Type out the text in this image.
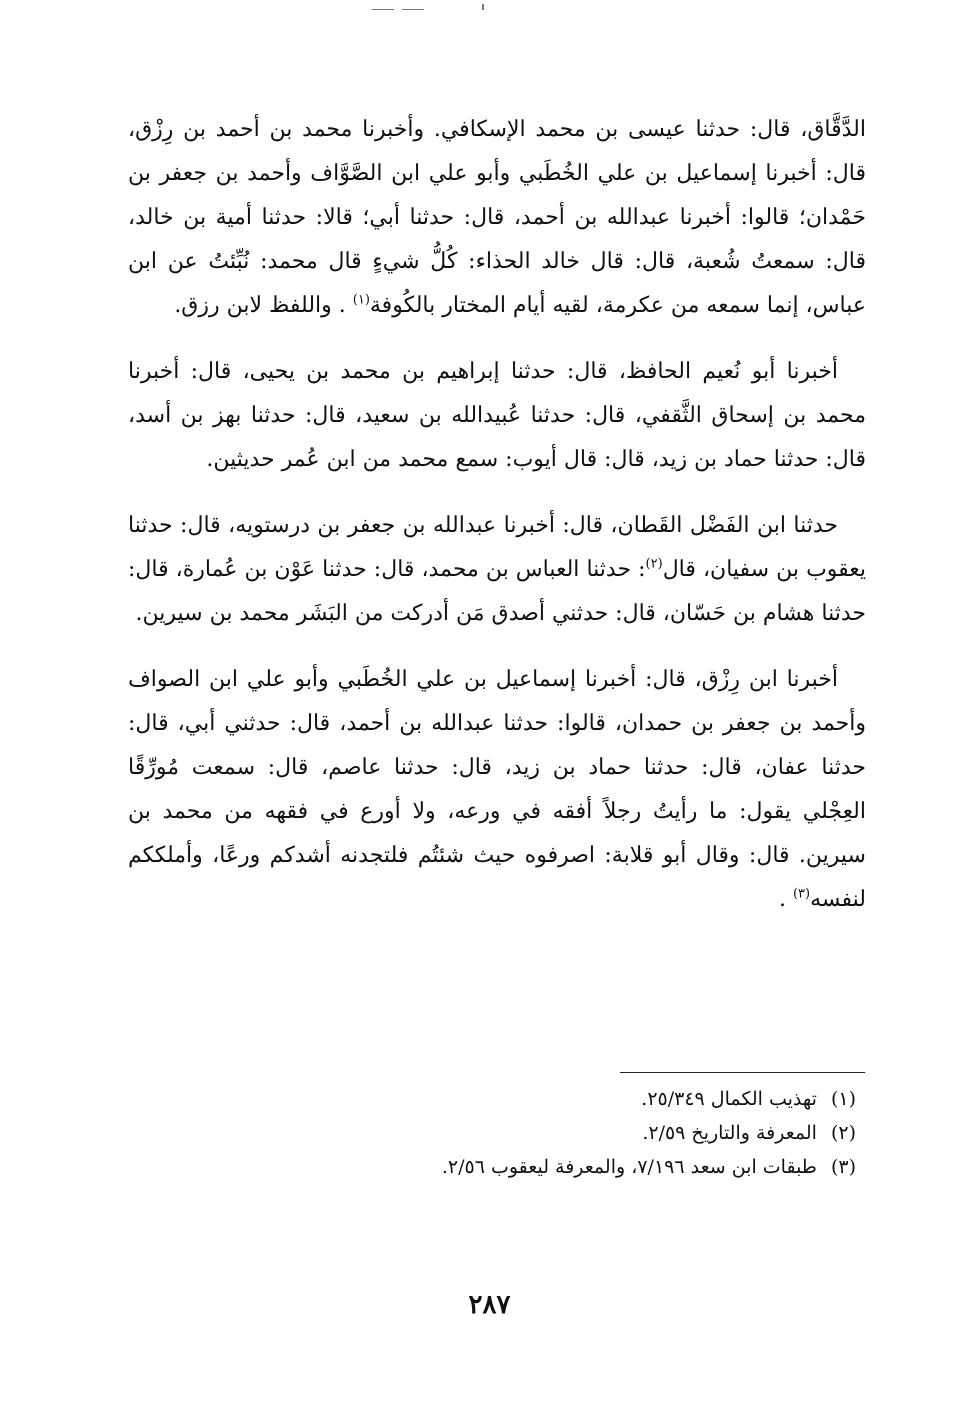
الدَّقَّاق، قال: حدثنا عيسى بن محمد الإسكافي. وأخبرنا محمد بن أحمد بن رِزْق، قال: أخبرنا إسماعيل بن علي الخُطَبي وأبو علي ابن الصَّوَّاف وأحمد بن جعفر بن حَمْدان؛ قالوا: أخبرنا عبدالله بن أحمد، قال: حدثنا أبي؛ قالا: حدثنا أمية بن خالد، قال: سمعتُ شُعبة، قال: قال خالد الحذاء: كُلُّ شيءٍ قال محمد: نُبِّئتُ عن ابن عباس، إنما سمعه من عكرمة، لقيه أيام المختار بالكُوفة$^{(١)}$ . واللفظ لابن رزق.

أخبرنا أبو نُعيم الحافظ، قال: حدثنا إبراهيم بن محمد بن يحيى، قال: أخبرنا محمد بن إسحاق الثَّقفي، قال: حدثنا عُبيدالله بن سعيد، قال: حدثنا بهز بن أسد، قال: حدثنا حماد بن زيد، قال: قال أيوب: سمع محمد من ابن عُمر حديثين.

حدثنا ابن الفَضْل القَطان، قال: أخبرنا عبدالله بن جعفر بن درستويه، قال: حدثنا يعقوب بن سفيان، قال$^{(٢)}$: حدثنا العباس بن محمد، قال: حدثنا عَوْن بن عُمارة، قال: حدثنا هشام بن حَسّان، قال: حدثني أصدق مَن أدركت من البَشَر محمد بن سيرين.

أخبرنا ابن رِزْق، قال: أخبرنا إسماعيل بن علي الخُطَبي وأبو علي ابن الصواف وأحمد بن جعفر بن حمدان، قالوا: حدثنا عبدالله بن أحمد، قال: حدثني أبي، قال: حدثنا عفان، قال: حدثنا حماد بن زيد، قال: حدثنا عاصم، قال: سمعت مُورِّقًا العِجْلي يقول: ما رأيتُ رجلاً أفقه في ورعه، ولا أورع في فقهه من محمد بن سيرين. قال: وقال أبو قلابة: اصرفوه حيث شئتُم فلتجدنه أشدكم ورعًا، وأملككم لنفسه$^{(٣)}$ .

(١)
تهذيب الكمال ٢٥/٣٤٩.
(٢)
المعرفة والتاريخ ٢/٥٩.
(٣)
طبقات ابن سعد ٧/١٩٦، والمعرفة ليعقوب ٢/٥٦.
٢٨٧
